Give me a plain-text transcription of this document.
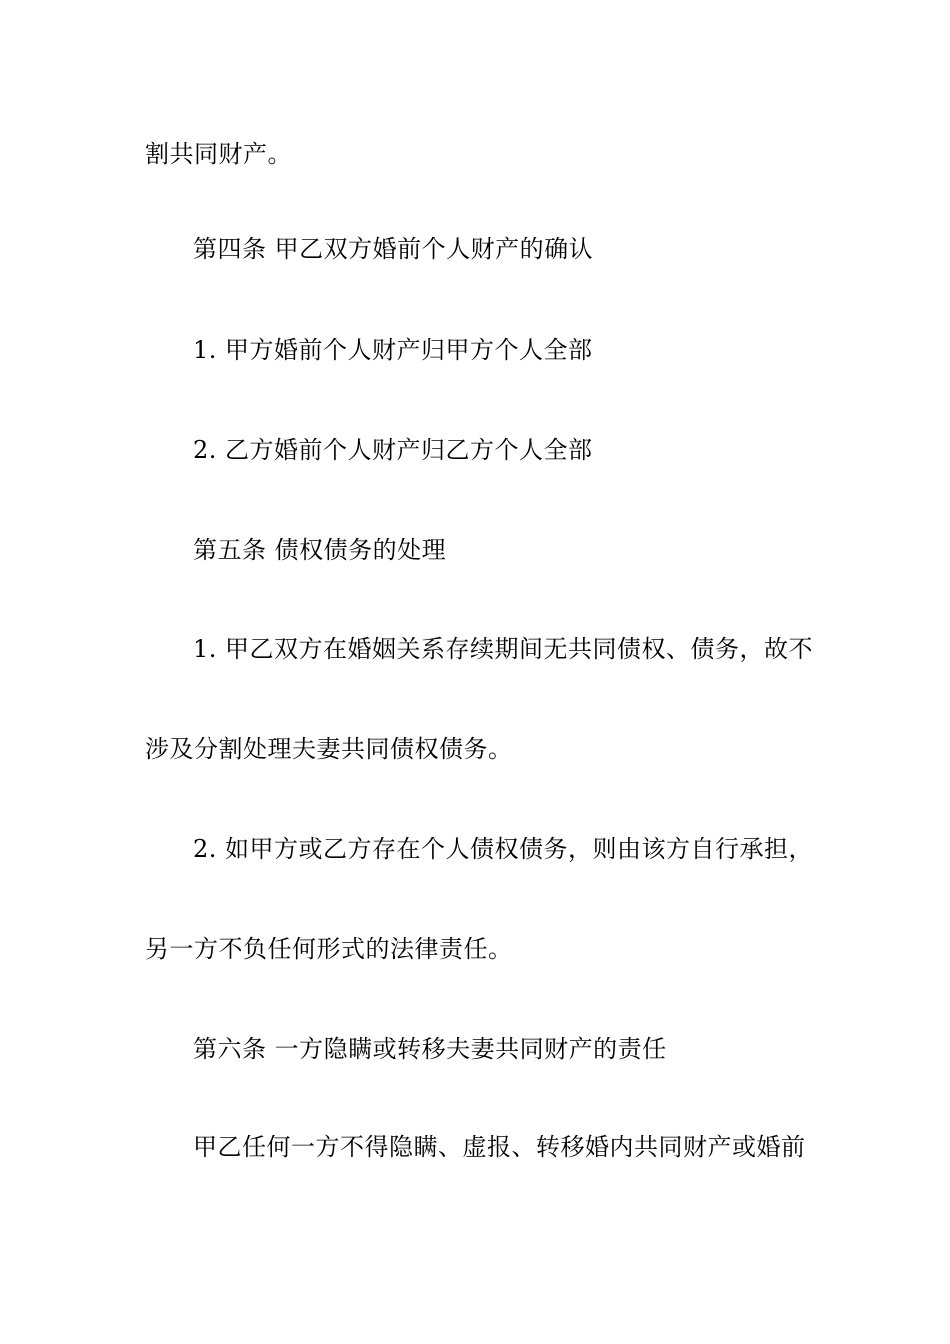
割共同财产。
第四条 甲乙双方婚前个人财产的确认
1. 甲方婚前个人财产归甲方个人全部
2. 乙方婚前个人财产归乙方个人全部
第五条 债权债务的处理
1. 甲乙双方在婚姻关系存续期间无共同债权、债务，故不
涉及分割处理夫妻共同债权债务。
2. 如甲方或乙方存在个人债权债务，则由该方自行承担，
另一方不负任何形式的法律责任。
第六条 一方隐瞒或转移夫妻共同财产的责任
甲乙任何一方不得隐瞒、虚报、转移婚内共同财产或婚前
